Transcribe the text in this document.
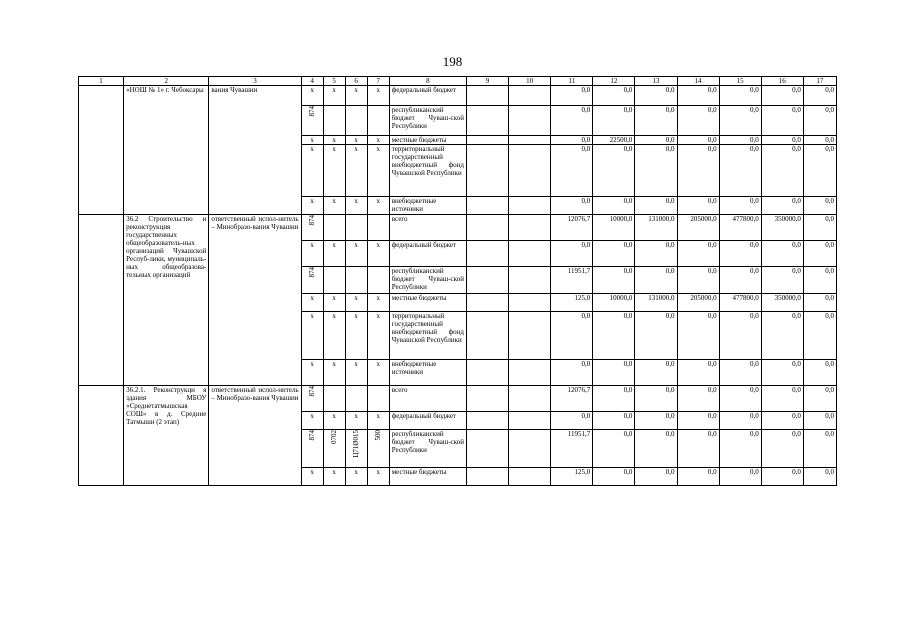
198
1	2	3	4	5	6	7	8	9	10	11	12	13	14	15	16	17
	«НОШ № 1» г. Чебоксары	вания Чувашии	x	x	x	x	федеральный бюджет			0,0	0,0	0,0	0,0	0,0	0,0	0,0
			874				республиканский бюджет Чуваш-ской Республики			0,0	0,0	0,0	0,0	0,0	0,0	0,0
			x	x	x	x	местные бюджеты			0,0	22500,0	0,0	0,0	0,0	0,0	0,0
			x	x	x	x	территориальный государственный внебюджетный фонд Чувашской Республики			0,0	0,0	0,0	0,0	0,0	0,0	0,0
			x	x	x	x	внебюджетные источники			0,0	0,0	0,0	0,0	0,0	0,0	0,0
	36.2 Строительство и реконструкция государственных общеобразователь-ных организаций Чувашской Респуб-лики, муниципаль-ных общеобразова-тельных организаций	ответственный испол-нитель – Минобразо-вания Чувашии	874				всего			12076,7	10000,0	131000,0	205000,0	477800,0	350000,0	0,0
			x	x	x	x	федеральный бюджет			0,0	0,0	0,0	0,0	0,0	0,0	0,0
			874				республиканский бюджет Чуваш-ской Республики			11951,7	0,0	0,0	0,0	0,0	0,0	0,0
			x	x	x	x	местные бюджеты			125,0	10000,0	131000,0	205000,0	477800,0	350000,0	0,0
			x	x	x	x	территориальный государственный внебюджетный фонд Чувашской Республики			0,0	0,0	0,0	0,0	0,0	0,0	0,0
			x	x	x	x	внебюджетные источники			0,0	0,0	0,0	0,0	0,0	0,0	0,0
	36.2.1. Реконструкци я здания МБОУ «Среднетатмышская СОШ» в д. Средние Татмыши (2 этап)	ответственный испол-нитель – Минобразо-вания Чувашии	874				всего			12076,7	0,0	0,0	0,0	0,0	0,0	0,0
			x	x	x	x	федеральный бюджет			0,0	0,0	0,0	0,0	0,0	0,0	0,0
			874	0702	Ц71Ø015	500	республиканский бюджет Чуваш-ской Республики			11951,7	0,0	0,0	0,0	0,0	0,0	0,0
			x	x	x	x	местные бюджеты			125,0	0,0	0,0	0,0	0,0	0,0	0,0
